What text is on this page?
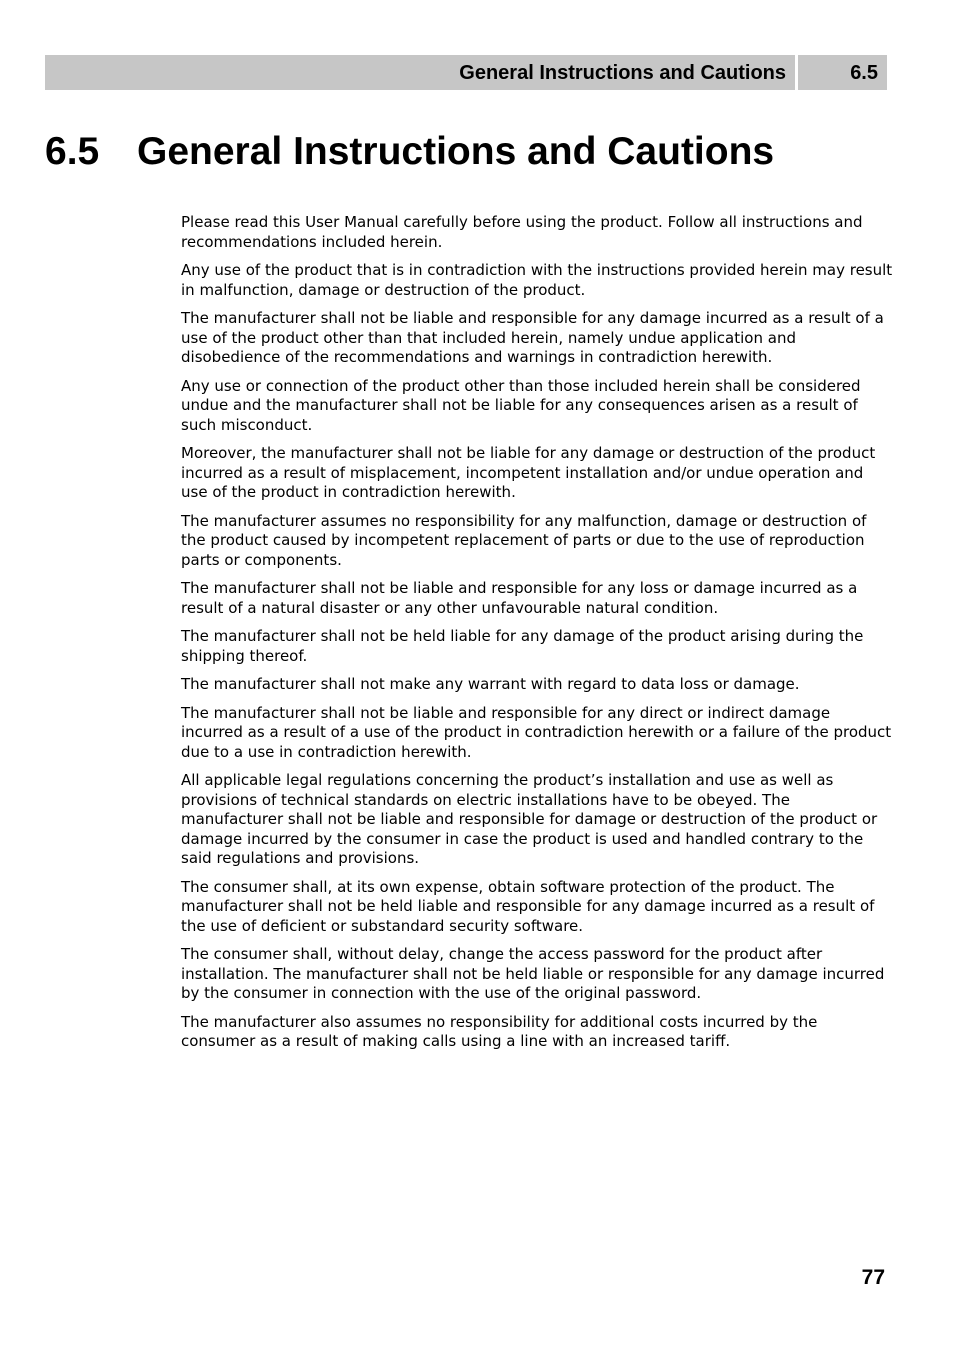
General Instructions and Cautions	6.5
6.5 General Instructions and Cautions

Please read this User Manual carefully before using the product. Follow all instructions and recommendations included herein.

Any use of the product that is in contradiction with the instructions provided herein may result in malfunction, damage or destruction of the product.

The manufacturer shall not be liable and responsible for any damage incurred as a result of a use of the product other than that included herein, namely undue application and disobedience of the recommendations and warnings in contradiction herewith.

Any use or connection of the product other than those included herein shall be considered undue and the manufacturer shall not be liable for any consequences arisen as a result of such misconduct.

Moreover, the manufacturer shall not be liable for any damage or destruction of the product incurred as a result of misplacement, incompetent installation and/or undue operation and use of the product in contradiction herewith.

The manufacturer assumes no responsibility for any malfunction, damage or destruction of the product caused by incompetent replacement of parts or due to the use of reproduction parts or components.

The manufacturer shall not be liable and responsible for any loss or damage incurred as a result of a natural disaster or any other unfavourable natural condition.

The manufacturer shall not be held liable for any damage of the product arising during the shipping thereof.

The manufacturer shall not make any warrant with regard to data loss or damage.

The manufacturer shall not be liable and responsible for any direct or indirect damage incurred as a result of a use of the product in contradiction herewith or a failure of the product due to a use in contradiction herewith.

All applicable legal regulations concerning the product’s installation and use as well as provisions of technical standards on electric installations have to be obeyed. The manufacturer shall not be liable and responsible for damage or destruction of the product or damage incurred by the consumer in case the product is used and handled contrary to the said regulations and provisions.

The consumer shall, at its own expense, obtain software protection of the product. The manufacturer shall not be held liable and responsible for any damage incurred as a result of the use of deficient or substandard security software.

The consumer shall, without delay, change the access password for the product after installation. The manufacturer shall not be held liable or responsible for any damage incurred by the consumer in connection with the use of the original password.

The manufacturer also assumes no responsibility for additional costs incurred by the consumer as a result of making calls using a line with an increased tariff.

77
